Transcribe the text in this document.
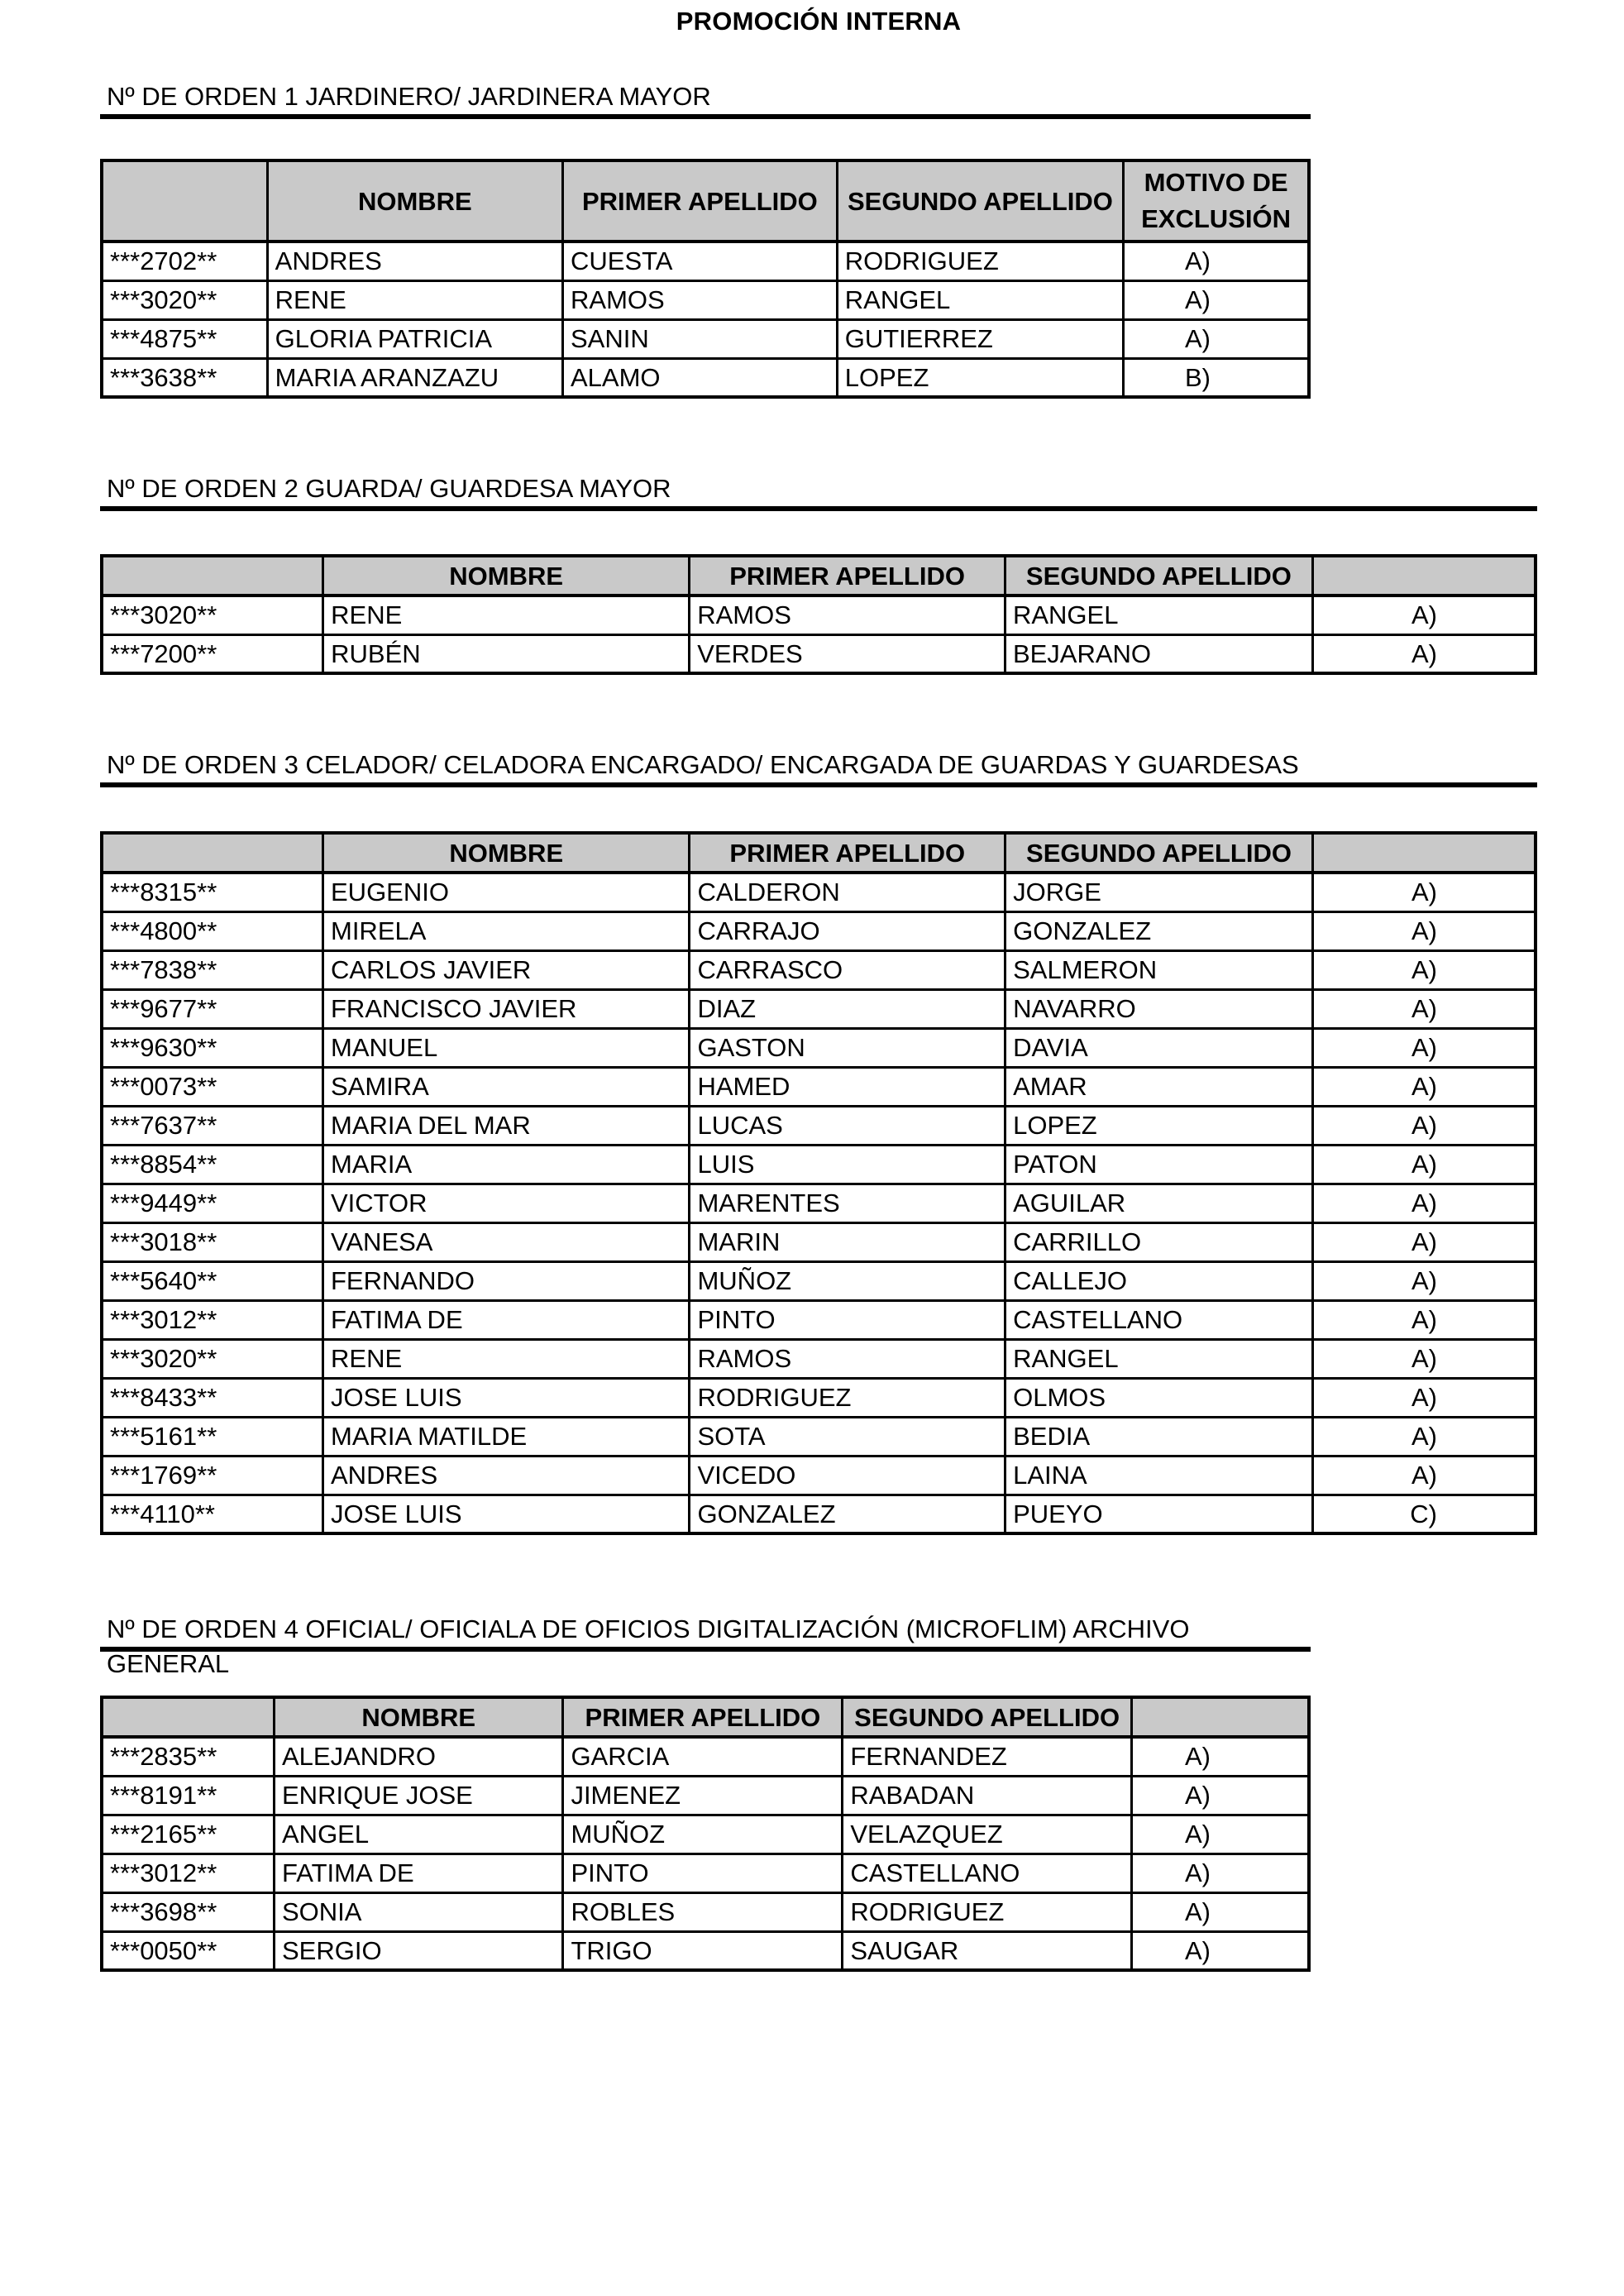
PROMOCIÓN INTERNA
Nº DE ORDEN 1 JARDINERO/ JARDINERA MAYOR
	NOMBRE	PRIMER APELLIDO	SEGUNDO APELLIDO	MOTIVO DE
EXCLUSIÓN

***2702**	ANDRES	CUESTA	RODRIGUEZ	A)
***3020**	RENE	RAMOS	RANGEL	A)
***4875**	GLORIA PATRICIA	SANIN	GUTIERREZ	A)
***3638**	MARIA ARANZAZU	ALAMO	LOPEZ	B)
Nº DE ORDEN 2 GUARDA/ GUARDESA MAYOR
	NOMBRE	PRIMER APELLIDO	SEGUNDO APELLIDO	
***3020**	RENE	RAMOS	RANGEL	A)
***7200**	RUBÉN	VERDES	BEJARANO	A)
Nº DE ORDEN 3 CELADOR/ CELADORA ENCARGADO/ ENCARGADA DE GUARDAS Y GUARDESAS
	NOMBRE	PRIMER APELLIDO	SEGUNDO APELLIDO	
***8315**	EUGENIO	CALDERON	JORGE	A)
***4800**	MIRELA	CARRAJO	GONZALEZ	A)
***7838**	CARLOS JAVIER	CARRASCO	SALMERON	A)
***9677**	FRANCISCO JAVIER	DIAZ	NAVARRO	A)
***9630**	MANUEL	GASTON	DAVIA	A)
***0073**	SAMIRA	HAMED	AMAR	A)
***7637**	MARIA DEL MAR	LUCAS	LOPEZ	A)
***8854**	MARIA	LUIS	PATON	A)
***9449**	VICTOR	MARENTES	AGUILAR	A)
***3018**	VANESA	MARIN	CARRILLO	A)
***5640**	FERNANDO	MUÑOZ	CALLEJO	A)
***3012**	FATIMA DE	PINTO	CASTELLANO	A)
***3020**	RENE	RAMOS	RANGEL	A)
***8433**	JOSE LUIS	RODRIGUEZ	OLMOS	A)
***5161**	MARIA MATILDE	SOTA	BEDIA	A)
***1769**	ANDRES	VICEDO	LAINA	A)
***4110**	JOSE LUIS	GONZALEZ	PUEYO	C)
Nº DE ORDEN 4 OFICIAL/ OFICIALA DE OFICIOS DIGITALIZACIÓN (MICROFLIM) ARCHIVO GENERAL
	NOMBRE	PRIMER APELLIDO	SEGUNDO APELLIDO	
***2835**	ALEJANDRO	GARCIA	FERNANDEZ	A)
***8191**	ENRIQUE JOSE	JIMENEZ	RABADAN	A)
***2165**	ANGEL	MUÑOZ	VELAZQUEZ	A)
***3012**	FATIMA DE	PINTO	CASTELLANO	A)
***3698**	SONIA	ROBLES	RODRIGUEZ	A)
***0050**	SERGIO	TRIGO	SAUGAR	A)
